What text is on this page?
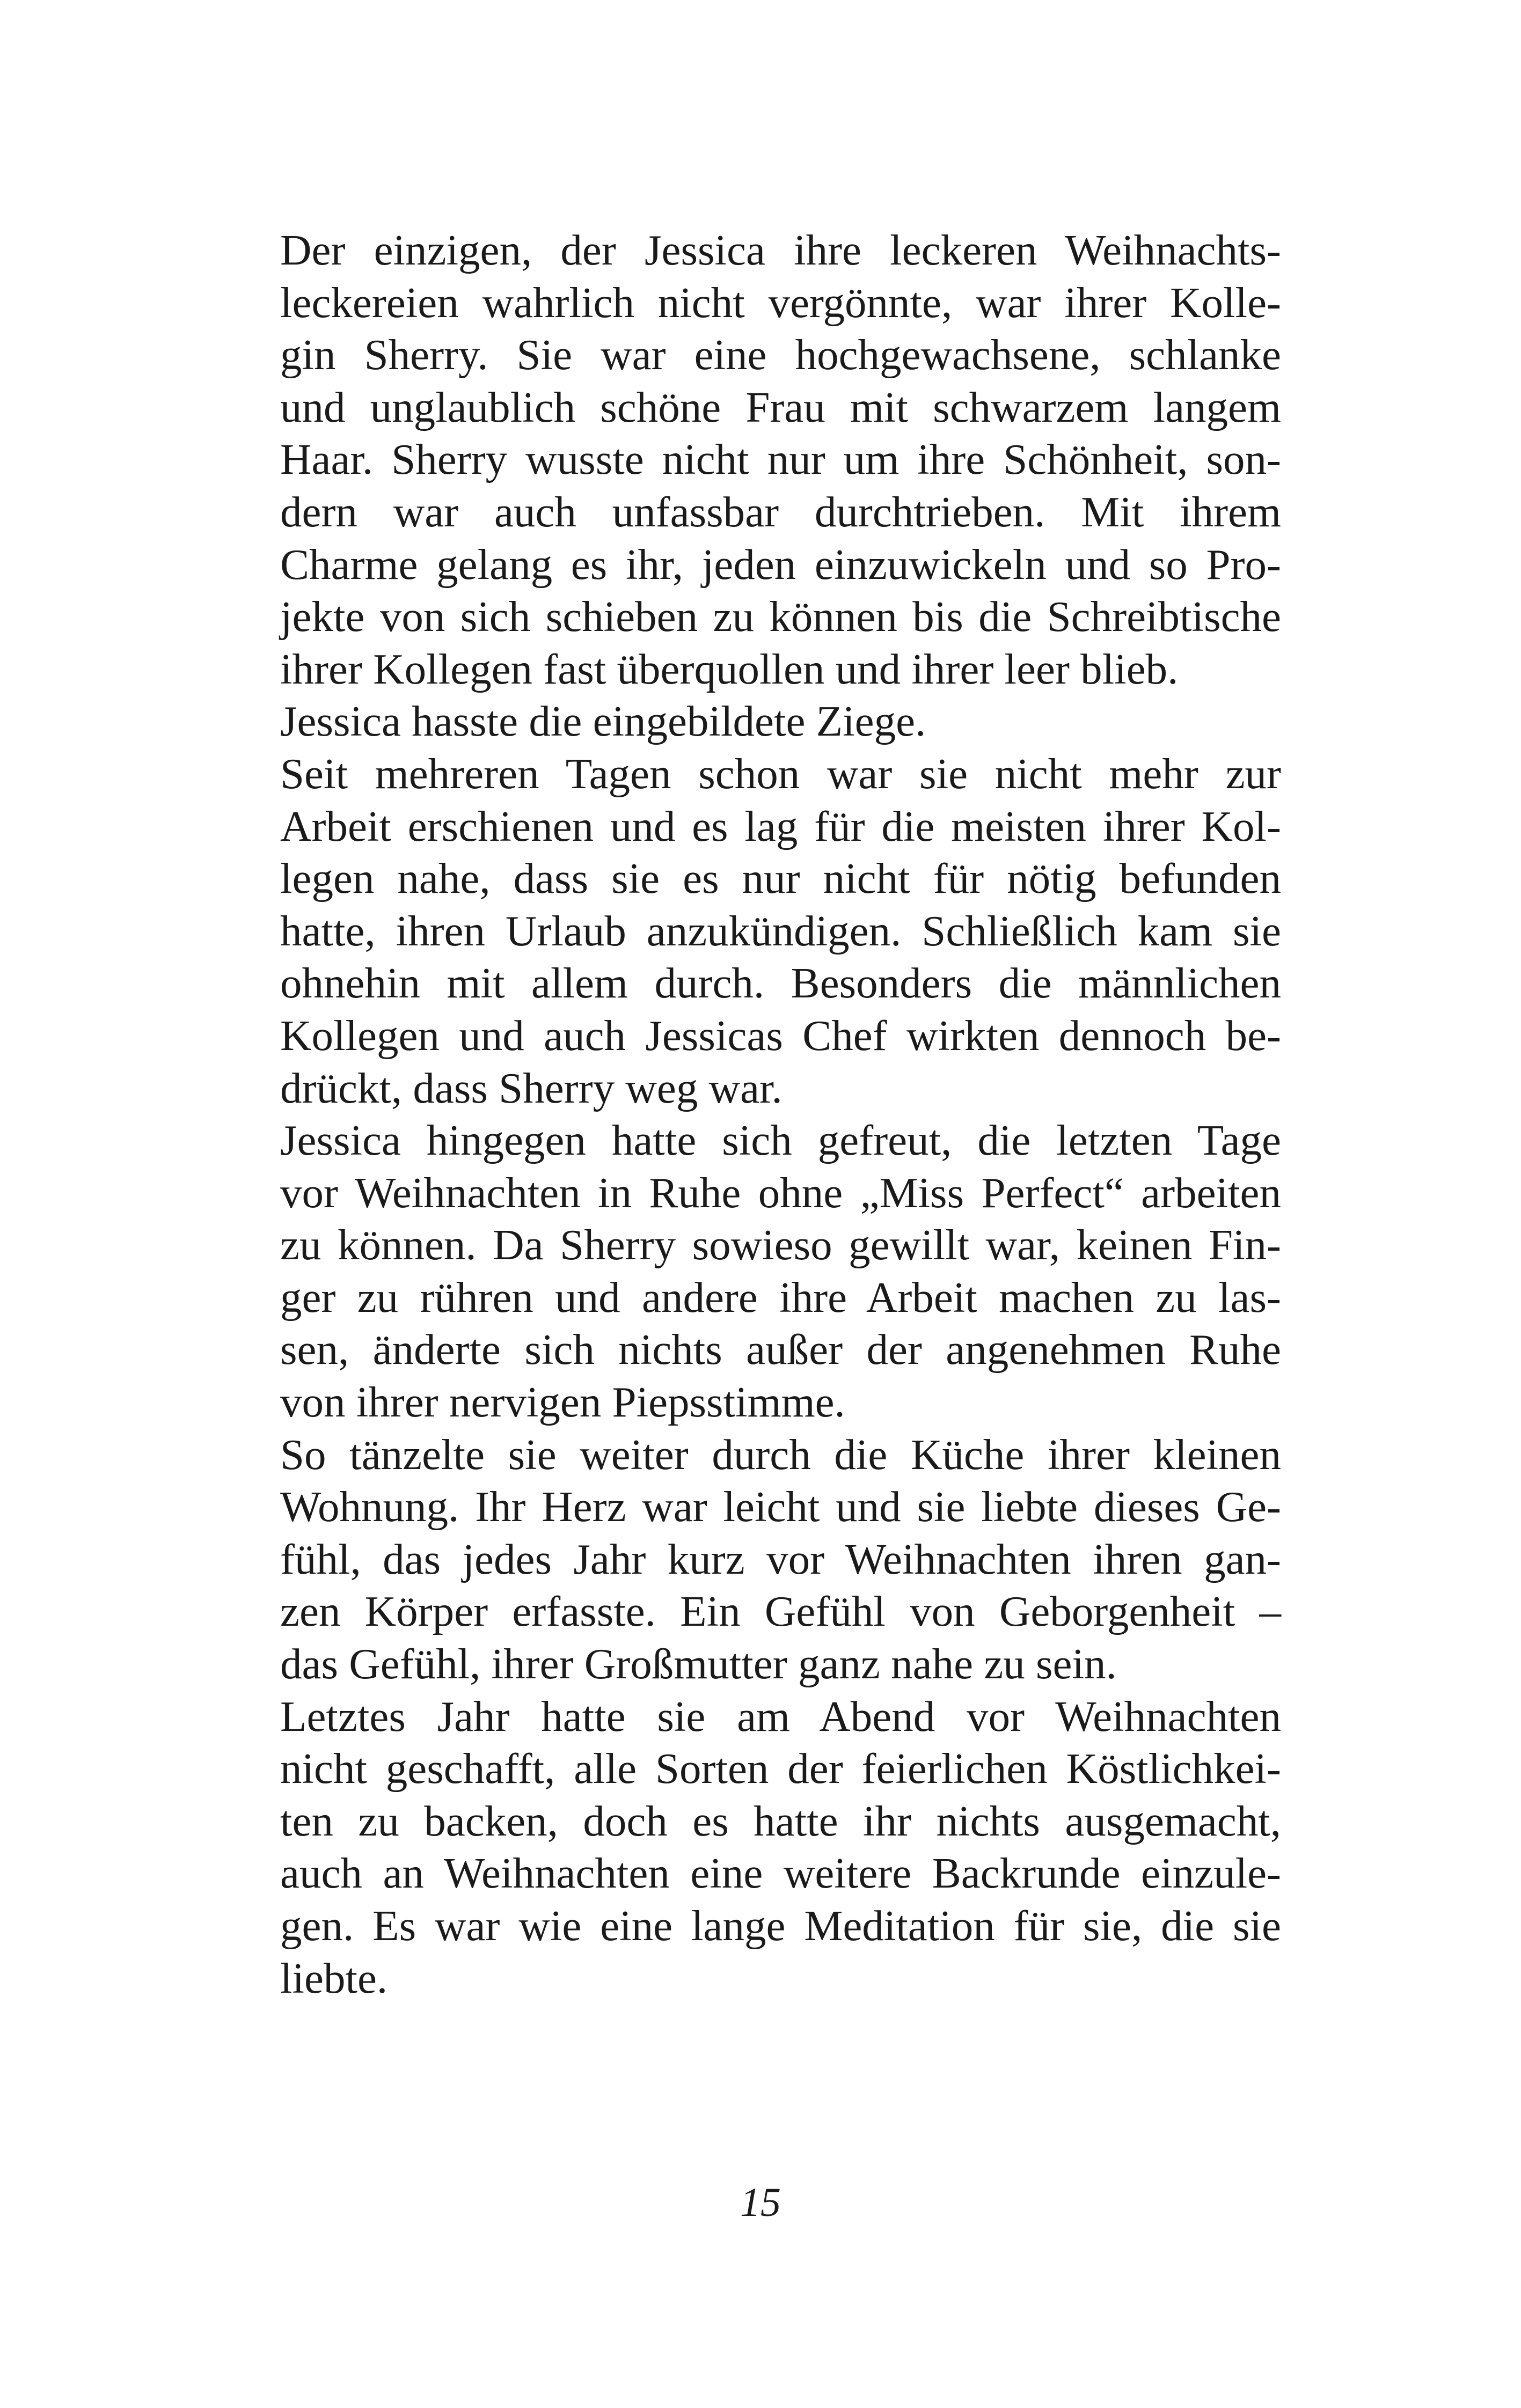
Der einzigen, der Jessica ihre leckeren Weihnachts-
leckereien wahrlich nicht vergönnte, war ihrer Kolle-
gin Sherry. Sie war eine hochgewachsene, schlanke
und unglaublich schöne Frau mit schwarzem langem
Haar. Sherry wusste nicht nur um ihre Schönheit, son-
dern war auch unfassbar durchtrieben. Mit ihrem
Charme gelang es ihr, jeden einzuwickeln und so Pro-
jekte von sich schieben zu können bis die Schreibtische
ihrer Kollegen fast überquollen und ihrer leer blieb.

Jessica hasste die eingebildete Ziege.

Seit mehreren Tagen schon war sie nicht mehr zur
Arbeit erschienen und es lag für die meisten ihrer Kol-
legen nahe, dass sie es nur nicht für nötig befunden
hatte, ihren Urlaub anzukündigen. Schließlich kam sie
ohnehin mit allem durch. Besonders die männlichen
Kollegen und auch Jessicas Chef wirkten dennoch be-
drückt, dass Sherry weg war.

Jessica hingegen hatte sich gefreut, die letzten Tage
vor Weihnachten in Ruhe ohne „Miss Perfect“ arbeiten
zu können. Da Sherry sowieso gewillt war, keinen Fin-
ger zu rühren und andere ihre Arbeit machen zu las-
sen, änderte sich nichts außer der angenehmen Ruhe
von ihrer nervigen Piepsstimme.

So tänzelte sie weiter durch die Küche ihrer kleinen
Wohnung. Ihr Herz war leicht und sie liebte dieses Ge-
fühl, das jedes Jahr kurz vor Weihnachten ihren gan-
zen Körper erfasste. Ein Gefühl von Geborgenheit –
das Gefühl, ihrer Großmutter ganz nahe zu sein.

Letztes Jahr hatte sie am Abend vor Weihnachten
nicht geschafft, alle Sorten der feierlichen Köstlichkei-
ten zu backen, doch es hatte ihr nichts ausgemacht,
auch an Weihnachten eine weitere Backrunde einzule-
gen. Es war wie eine lange Meditation für sie, die sie
liebte.

15
